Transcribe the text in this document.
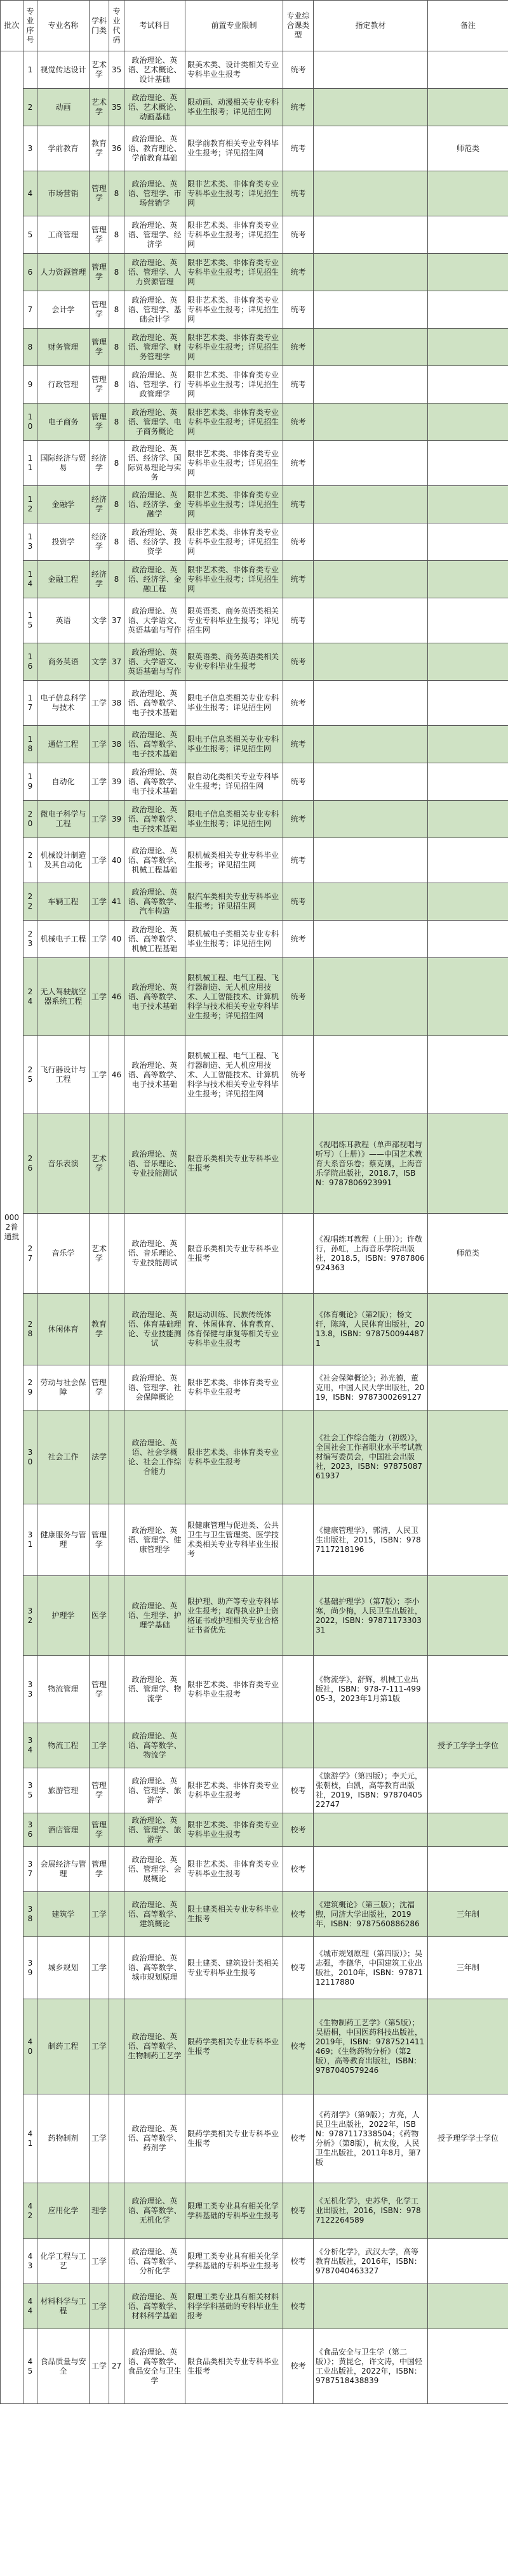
批次	专业序号	专业名称	学科门类	专业代码	考试科目	前置专业限制	专业综合课类型	指定教材	备注
0002普通批	1	视觉传达设计	艺术学	35	政治理论、英语、艺术概论、设计基础	限美术类、设计类相关专业专科毕业生报考	统考		
	2	动画	艺术学	35	政治理论、英语、艺术概论、动画基础	限动画、动漫相关专业专科毕业生报考；详见招生网	统考		
	3	学前教育	教育学	36	政治理论、英语、教育理论、学前教育基础	限学前教育相关专业专科毕业生报考；详见招生网	统考		师范类
	4	市场营销	管理学	8	政治理论、英语、管理学、市场营销学	限非艺术类、非体育类专业专科毕业生报考；详见招生网	统考		
	5	工商管理	管理学	8	政治理论、英语、管理学、经济学	限非艺术类、非体育类专业专科毕业生报考；详见招生网	统考		
	6	人力资源管理	管理学	8	政治理论、英语、管理学、人力资源管理	限非艺术类、非体育类专业专科毕业生报考；详见招生网	统考		
	7	会计学	管理学	8	政治理论、英语、管理学、基础会计学	限非艺术类、非体育类专业专科毕业生报考；详见招生网	统考		
	8	财务管理	管理学	8	政治理论、英语、管理学、财务管理学	限非艺术类、非体育类专业专科毕业生报考；详见招生网	统考		
	9	行政管理	管理学	8	政治理论、英语、管理学、行政管理学	限非艺术类、非体育类专业专科毕业生报考；详见招生网	统考		
	10	电子商务	管理学	8	政治理论、英语、管理学、电子商务概论	限非艺术类、非体育类专业专科毕业生报考；详见招生网	统考		
	11	国际经济与贸易	经济学	8	政治理论、英语、经济学、国际贸易理论与实务	限非艺术类、非体育类专业专科毕业生报考；详见招生网	统考		
	12	金融学	经济学	8	政治理论、英语、经济学、金融学	限非艺术类、非体育类专业专科毕业生报考；详见招生网	统考		
	13	投资学	经济学	8	政治理论、英语、经济学、投资学	限非艺术类、非体育类专业专科毕业生报考；详见招生网	统考		
	14	金融工程	经济学	8	政治理论、英语、经济学、金融工程	限非艺术类、非体育类专业专科毕业生报考；详见招生网	统考		
	15	英语	文学	37	政治理论、英语、大学语文、英语基础与写作	限英语类、商务英语类相关专业专科毕业生报考；详见招生网	统考		
	16	商务英语	文学	37	政治理论、英语、大学语文、英语基础与写作	限英语类、商务英语类相关专业专科毕业生报考	统考		
	17	电子信息科学与技术	工学	38	政治理论、英语、高等数学、电子技术基础	限电子信息类相关专业专科毕业生报考；详见招生网	统考		
	18	通信工程	工学	38	政治理论、英语、高等数学、电子技术基础	限电子信息类相关专业专科毕业生报考；详见招生网	统考		
	19	自动化	工学	39	政治理论、英语、高等数学、电子技术基础	限自动化类相关专业专科毕业生报考；详见招生网	统考		
	20	微电子科学与工程	工学	39	政治理论、英语、高等数学、电子技术基础	限电子信息类相关专业专科毕业生报考；详见招生网	统考		
	21	机械设计制造及其自动化	工学	40	政治理论、英语、高等数学、机械工程基础	限机械类相关专业专科毕业生报考；详见招生网	统考		
	22	车辆工程	工学	41	政治理论、英语、高等数学、汽车构造	限汽车类相关专业专科毕业生报考；详见招生网	统考		
	23	机械电子工程	工学	40	政治理论、英语、高等数学、机械工程基础	限机械电子类相关专业专科毕业生报考；详见招生网	统考		
	24	无人驾驶航空器系统工程	工学	46	政治理论、英语、高等数学、电子技术基础	限机械工程、电气工程、飞行器制造、无人机应用技术、人工智能技术、计算机科学与技术相关专业专科毕业生报考；详见招生网	统考		
	25	飞行器设计与工程	工学	46	政治理论、英语、高等数学、电子技术基础	限机械工程、电气工程、飞行器制造、无人机应用技术、人工智能技术、计算机科学与技术相关专业专科毕业生报考；详见招生网	统考		
	26	音乐表演	艺术学		政治理论、英语、音乐理论、专业技能测试	限音乐类相关专业专科毕业生报考		《视唱练耳教程（单声部视唱与听写）（上册）》——中国艺术教育大系音乐卷；蔡克刚，上海音乐学院出版社，2018.7，ISBN：9787806923991	
	27	音乐学	艺术学		政治理论、英语、音乐理论、专业技能测试	限音乐类相关专业专科毕业生报考		《视唱练耳教程（上册）》；许敬行，孙虹，上海音乐学院出版社，2018.5，ISBN：9787806924363	师范类
	28	休闲体育	教育学		政治理论、英语、体育基础理论、专业技能测试	限运动训练、民族传统体育、休闲体育、体育教育、体育保健与康复等相关专业专科毕业生报考		《体育概论》（第2版）；杨文轩，陈琦，人民体育出版社，2013.8，ISBN：9787500944871	
	29	劳动与社会保障	管理学		政治理论、英语、管理学、社会保障概论	限非艺术类、非体育类专业专科毕业生报考		《社会保障概论》；孙光德，董克用，中国人民大学出版社，2019，ISBN：9787300269127	
	30	社会工作	法学		政治理论、英语、社会学概论、社会工作综合能力	限非艺术类、非体育类专业专科毕业生报考		《社会工作综合能力（初级）》，全国社会工作者职业水平考试教材编写委员会，中国社会出版社，2023，ISBN：9787508761937	
	31	健康服务与管理	管理学		政治理论、英语、管理学、健康管理学	限健康管理与促进类、公共卫生与卫生管理类、医学技术类相关专业专科毕业生报考		《健康管理学》，郭清，人民卫生出版社，2015，ISBN：9787117218196	
	32	护理学	医学		政治理论、英语、生理学、护理学基础	限护理、助产等专业专科毕业生报考；取得执业护士资格证书或护理相关专业合格证书者优先		《基础护理学》（第7版）；李小寒，尚少梅，人民卫生出版社，2022，ISBN：9787117330331	
	33	物流管理	管理学		政治理论、英语、管理学、物流学	限非艺术类、非体育类专业专科毕业生报考		《物流学》，舒辉，机械工业出版社，ISBN：978-7-111-49905-3，2023年1月第1版	
	34	物流工程	工学		政治理论、英语、高等数学、物流学				授予工学学士学位
	35	旅游管理	管理学		政治理论、英语、管理学、旅游学	限非艺术类、非体育类专业专科毕业生报考	校考	《旅游学》（第四版）；李天元，张朝枝，白凯，高等教育出版社，2019，ISBN：9787040522747	
	36	酒店管理	管理学		政治理论、英语、管理学、旅游学	限非艺术类、非体育类专业专科毕业生报考	校考		
	37	会展经济与管理	管理学		政治理论、英语、管理学、会展概论	限非艺术类、非体育类专业专科毕业生报考	校考		
	38	建筑学	工学		政治理论、英语、高等数学、建筑概论	限土建类相关专业专科毕业生报考	校考	《建筑概论》（第三版）；沈福煦，同济大学出版社，2019年，ISBN：9787560886286	三年制
	39	城乡规划	工学		政治理论、英语、高等数学、城市规划原理	限土建类、建筑设计类相关专业专科毕业生报考	校考	《城市规划原理（第四版）》；吴志强，李德华，中国建筑工业出版社，2010年，ISBN：9787112117880	三年制
	40	制药工程	工学		政治理论、英语、高等数学、生物制药工艺学	限药学类相关专业专科毕业生报考	校考	《生物制药工艺学》（第5版）；吴梧桐，中国医药科技出版社，2019年，ISBN：9787521411469；《生物药物分析》（第2版），高等教育出版社，ISBN：9787040579246	
	41	药物制剂	工学		政治理论、英语、高等数学、药剂学	限药学类相关专业专科毕业生报考	校考	《药剂学》（第9版）；方亮，人民卫生出版社，2022年，ISBN：9787117338504；《药物分析》（第8版），杭太俊，人民卫生出版社，2011年8月，第7版	授予理学学士学位
	42	应用化学	理学		政治理论、英语、高等数学、无机化学	限理工类专业具有相关化学学科基础的专科毕业生报考	校考	《无机化学》，史苏华，化学工业出版社，2016，ISBN：9787122264589	
	43	化学工程与工艺	工学		政治理论、英语、高等数学、分析化学	限理工类专业具有相关化学学科基础的专科毕业生报考	校考	《分析化学》，武汉大学，高等教育出版社，2016年，ISBN：9787040463327	
	44	材料科学与工程	工学		政治理论、英语、高等数学、材料科学基础	限理工类专业具有相关材料科学学科基础的专科毕业生报考	校考		
	45	食品质量与安全	工学	27	政治理论、英语、高等数学、食品安全与卫生学	限食品类相关专业专科毕业生报考	校考	《食品安全与卫生学（第二版）》；黄昆仑，许文涛，中国轻工业出版社，2022年，ISBN：9787518438839	
